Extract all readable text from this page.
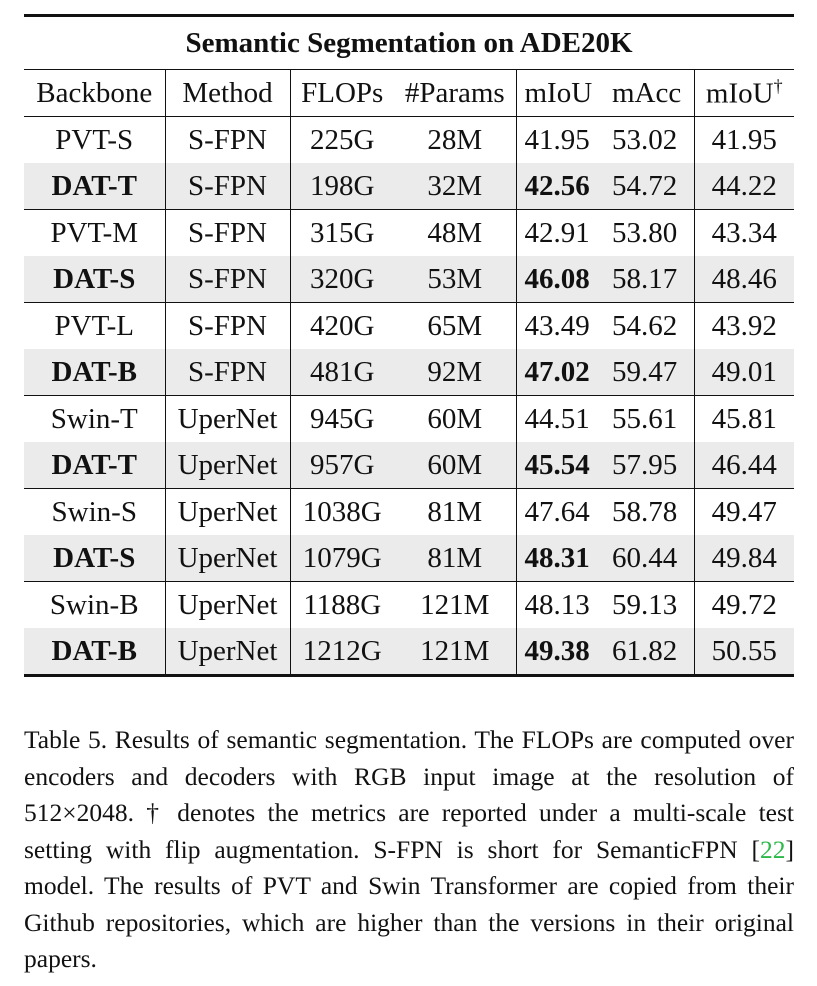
Semantic Segmentation on ADE20K						
Backbone	Method	FLOPs	#Params	mIoU	mAcc	mIoU†
PVT-S	S-FPN	225G	28M	41.95	53.02	41.95
DAT-T	S-FPN	198G	32M	42.56	54.72	44.22
PVT-M	S-FPN	315G	48M	42.91	53.80	43.34
DAT-S	S-FPN	320G	53M	46.08	58.17	48.46
PVT-L	S-FPN	420G	65M	43.49	54.62	43.92
DAT-B	S-FPN	481G	92M	47.02	59.47	49.01
Swin-T	UperNet	945G	60M	44.51	55.61	45.81
DAT-T	UperNet	957G	60M	45.54	57.95	46.44
Swin-S	UperNet	1038G	81M	47.64	58.78	49.47
DAT-S	UperNet	1079G	81M	48.31	60.44	49.84
Swin-B	UperNet	1188G	121M	48.13	59.13	49.72
DAT-B	UperNet	1212G	121M	49.38	61.82	50.55

Table 5. Results of semantic segmentation. The FLOPs are computed over encoders and decoders with RGB input image at the resolution of 512×2048. † denotes the metrics are reported under a multi-scale test setting with flip augmentation. S-FPN is short for SemanticFPN [22] model. The results of PVT and Swin Transformer are copied from their Github repositories, which are higher than the versions in their original papers.
